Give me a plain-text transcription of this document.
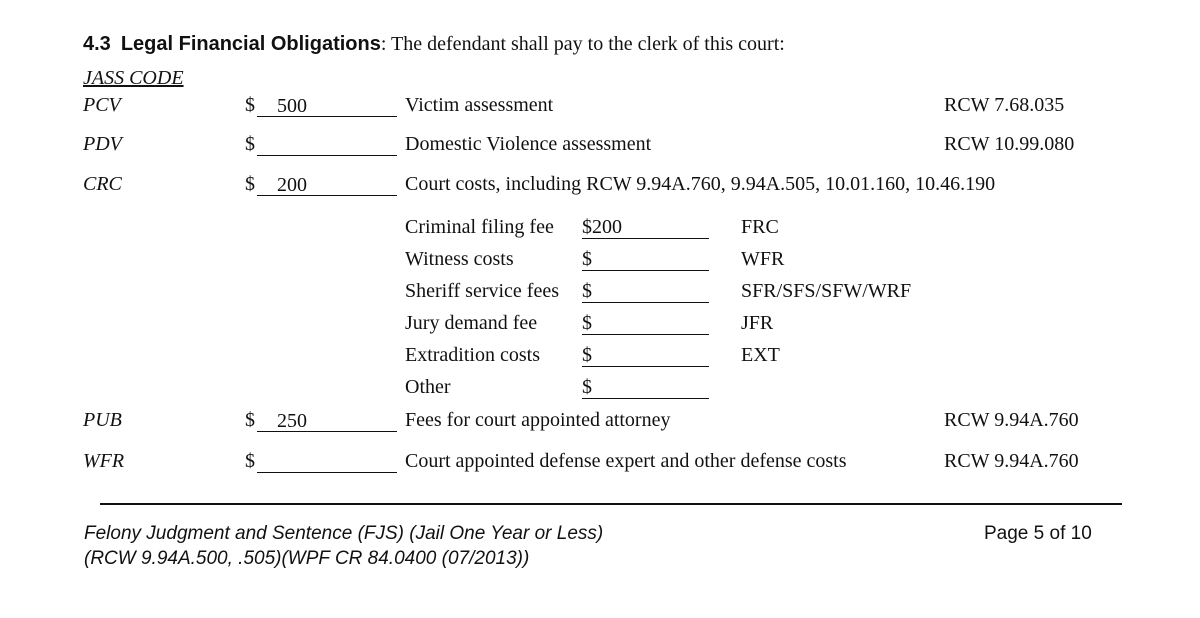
4.3 Legal Financial Obligations: The defendant shall pay to the clerk of this court:
JASS CODE
PCV	$ 500	Victim assessment	RCW 7.68.035
PDV	$	Domestic Violence assessment	RCW 10.99.080
CRC	$ 200	Court costs, including RCW 9.94A.760, 9.94A.505, 10.01.160, 10.46.190
Criminal filing fee $200	FRC
Witness costs	$	WFR
Sheriff service fees $	SFR/SFS/SFW/WRF
Jury demand fee $	JFR
Extradition costs $	EXT
Other	$
PUB	$ 250	Fees for court appointed attorney	RCW 9.94A.760
WFR	$	Court appointed defense expert and other defense costs	RCW 9.94A.760
Felony Judgment and Sentence (FJS) (Jail One Year or Less)
(RCW 9.94A.500, .505)(WPF CR 84.0400 (07/2013))
Page 5 of 10
